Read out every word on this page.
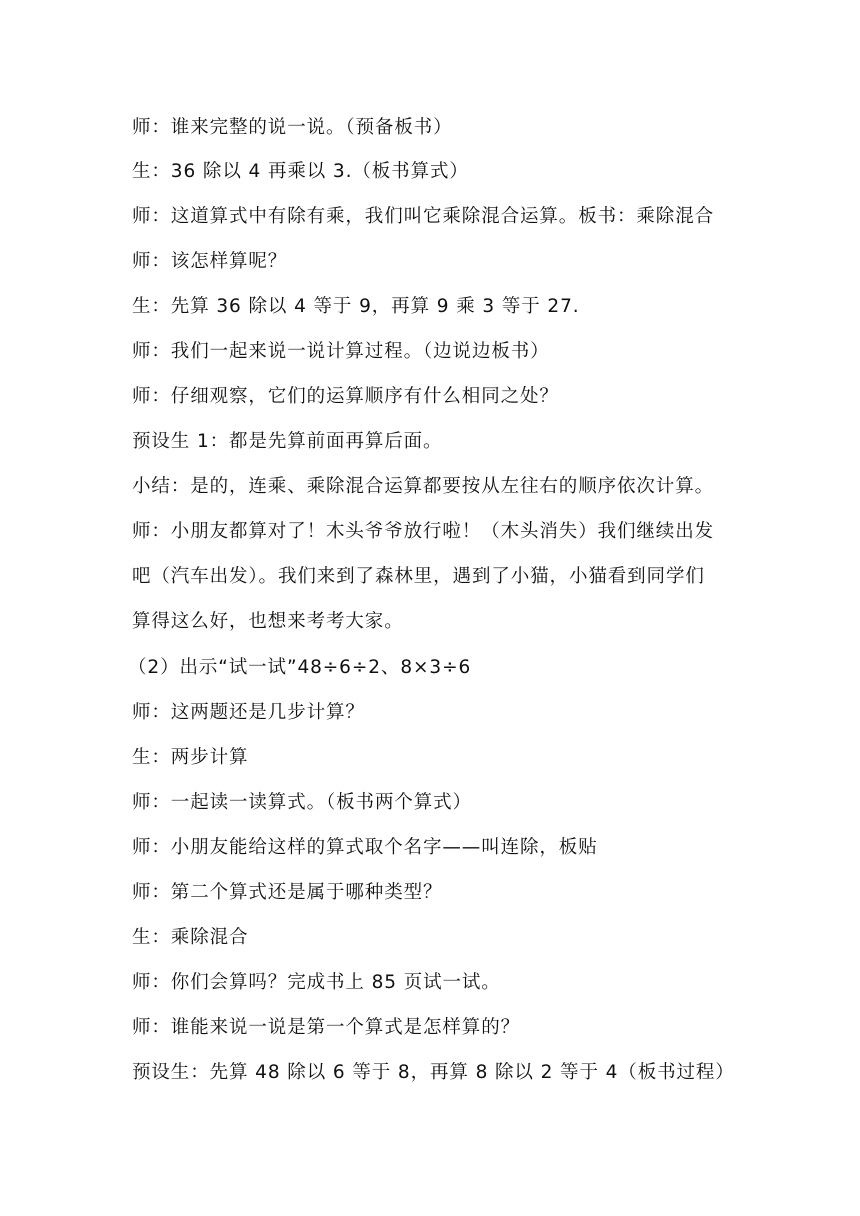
师：谁来完整的说一说。（预备板书）
生：36 除以 4 再乘以 3.（板书算式）
师：这道算式中有除有乘，我们叫它乘除混合运算。板书：乘除混合
师：该怎样算呢？
生：先算 36 除以 4 等于 9，再算 9 乘 3 等于 27.
师：我们一起来说一说计算过程。（边说边板书）
师：仔细观察，它们的运算顺序有什么相同之处？
预设生 1：都是先算前面再算后面。
小结：是的，连乘、乘除混合运算都要按从左往右的顺序依次计算。
师：小朋友都算对了！木头爷爷放行啦！（木头消失）我们继续出发
吧（汽车出发）。我们来到了森林里，遇到了小猫，小猫看到同学们
算得这么好，也想来考考大家。
（2）出示“试一试”48÷6÷2、8×3÷6
师：这两题还是几步计算？
生：两步计算
师：一起读一读算式。（板书两个算式）
师：小朋友能给这样的算式取个名字——叫连除，板贴
师：第二个算式还是属于哪种类型？
生：乘除混合
师：你们会算吗？完成书上 85 页试一试。
师：谁能来说一说是第一个算式是怎样算的？
预设生：先算 48 除以 6 等于 8，再算 8 除以 2 等于 4（板书过程）
